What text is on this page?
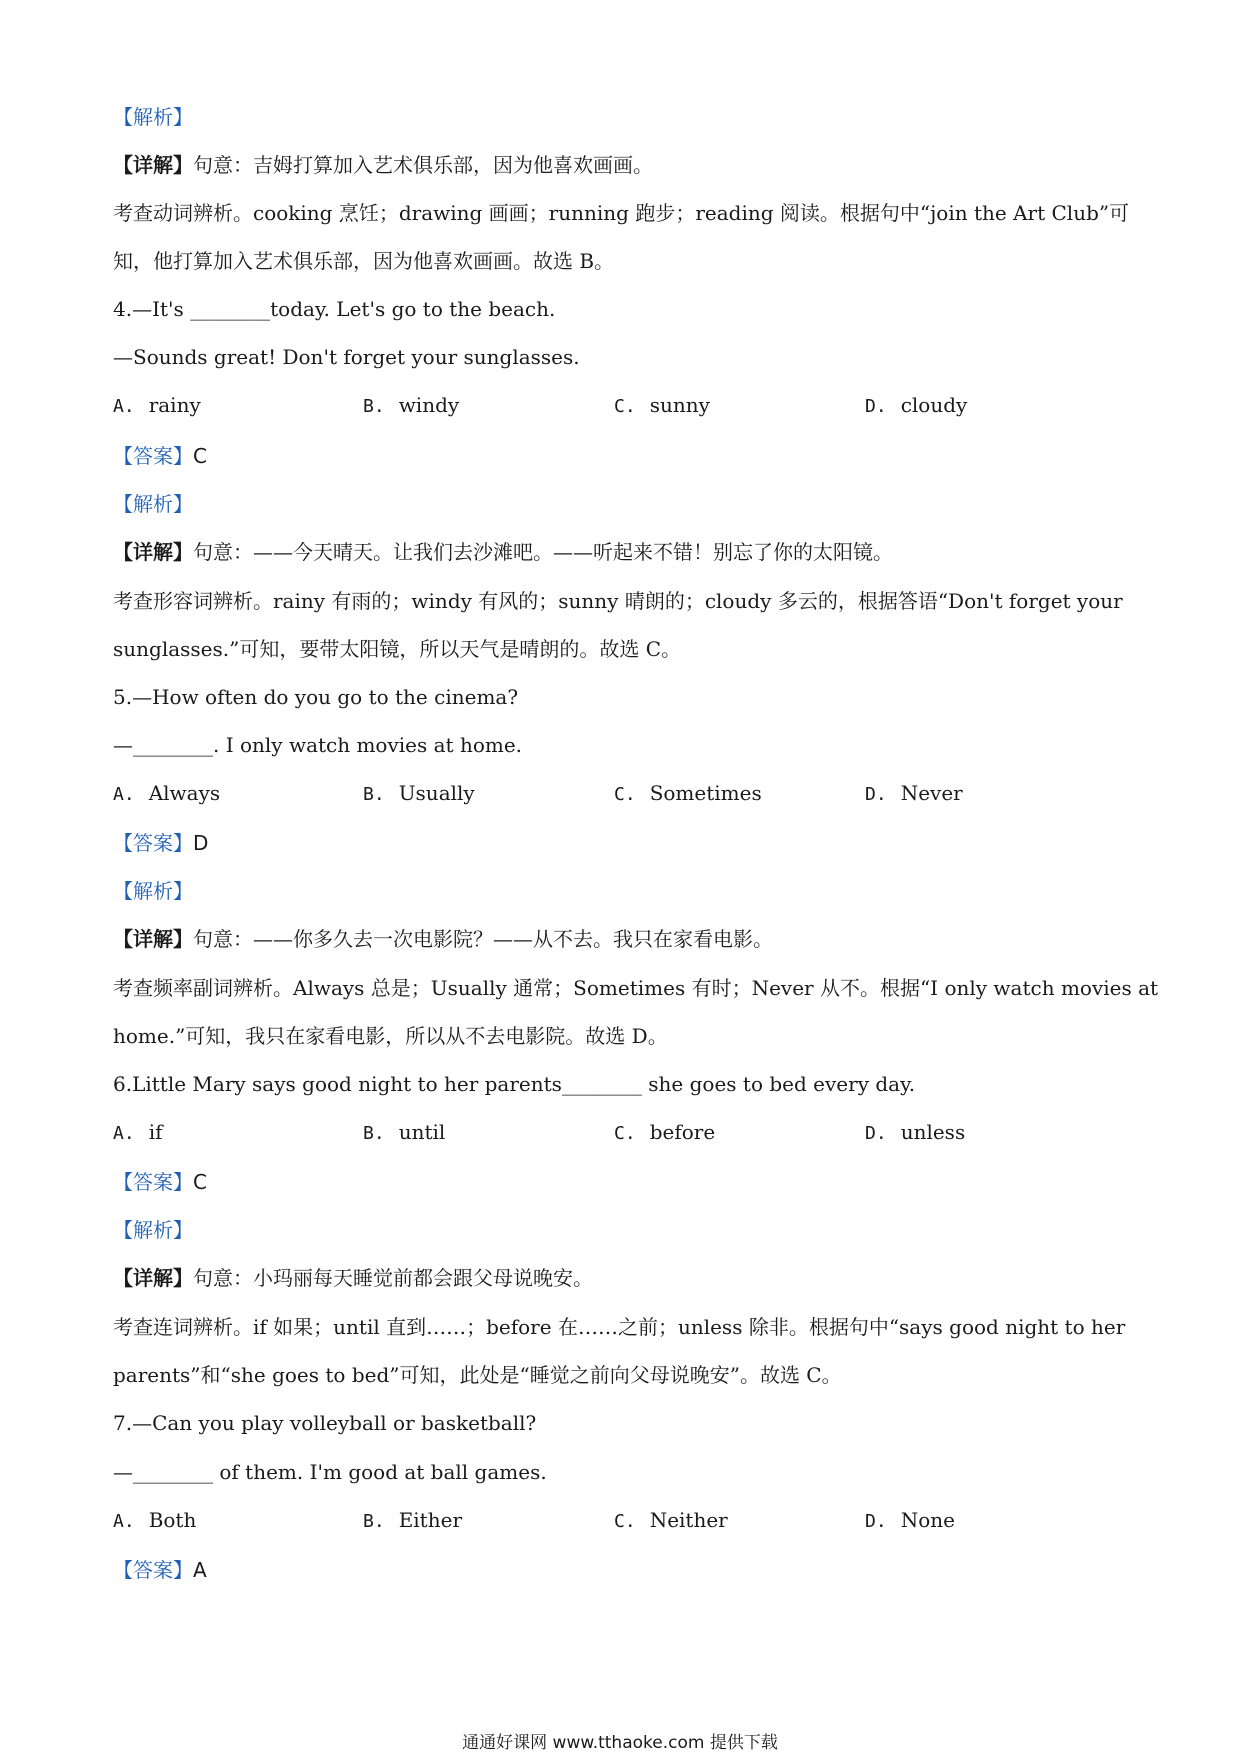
【解析】
【详解】句意：吉姆打算加入艺术俱乐部，因为他喜欢画画。
考查动词辨析。cooking 烹饪；drawing 画画；running 跑步；reading 阅读。根据句中“join the Art Club”可
知，他打算加入艺术俱乐部，因为他喜欢画画。故选 B。
4.—It's ________today. Let's go to the beach.
—Sounds great! Don't forget your sunglasses.
A. rainy	B. windy	C. sunny	D. cloudy
【答案】C
【解析】
【详解】句意：——今天晴天。让我们去沙滩吧。——听起来不错！别忘了你的太阳镜。
考查形容词辨析。rainy 有雨的；windy 有风的；sunny 晴朗的；cloudy 多云的，根据答语“Don't forget your
sunglasses.”可知，要带太阳镜，所以天气是晴朗的。故选 C。
5.—How often do you go to the cinema?
—________. I only watch movies at home.
A. Always	B. Usually	C. Sometimes	D. Never
【答案】D
【解析】
【详解】句意：——你多久去一次电影院？——从不去。我只在家看电影。
考查频率副词辨析。Always 总是；Usually 通常；Sometimes 有时；Never 从不。根据“I only watch movies at
home.”可知，我只在家看电影，所以从不去电影院。故选 D。
6.Little Mary says good night to her parents________ she goes to bed every day.
A. if	B. until	C. before	D. unless
【答案】C
【解析】
【详解】句意：小玛丽每天睡觉前都会跟父母说晚安。
考查连词辨析。if 如果；until 直到……；before 在……之前；unless 除非。根据句中“says good night to her
parents”和“she goes to bed”可知，此处是“睡觉之前向父母说晚安”。故选 C。
7.—Can you play volleyball or basketball?
—________ of them. I'm good at ball games.
A. Both	B. Either	C. Neither	D. None
【答案】A
通通好课网 www.tthaoke.com 提供下载
